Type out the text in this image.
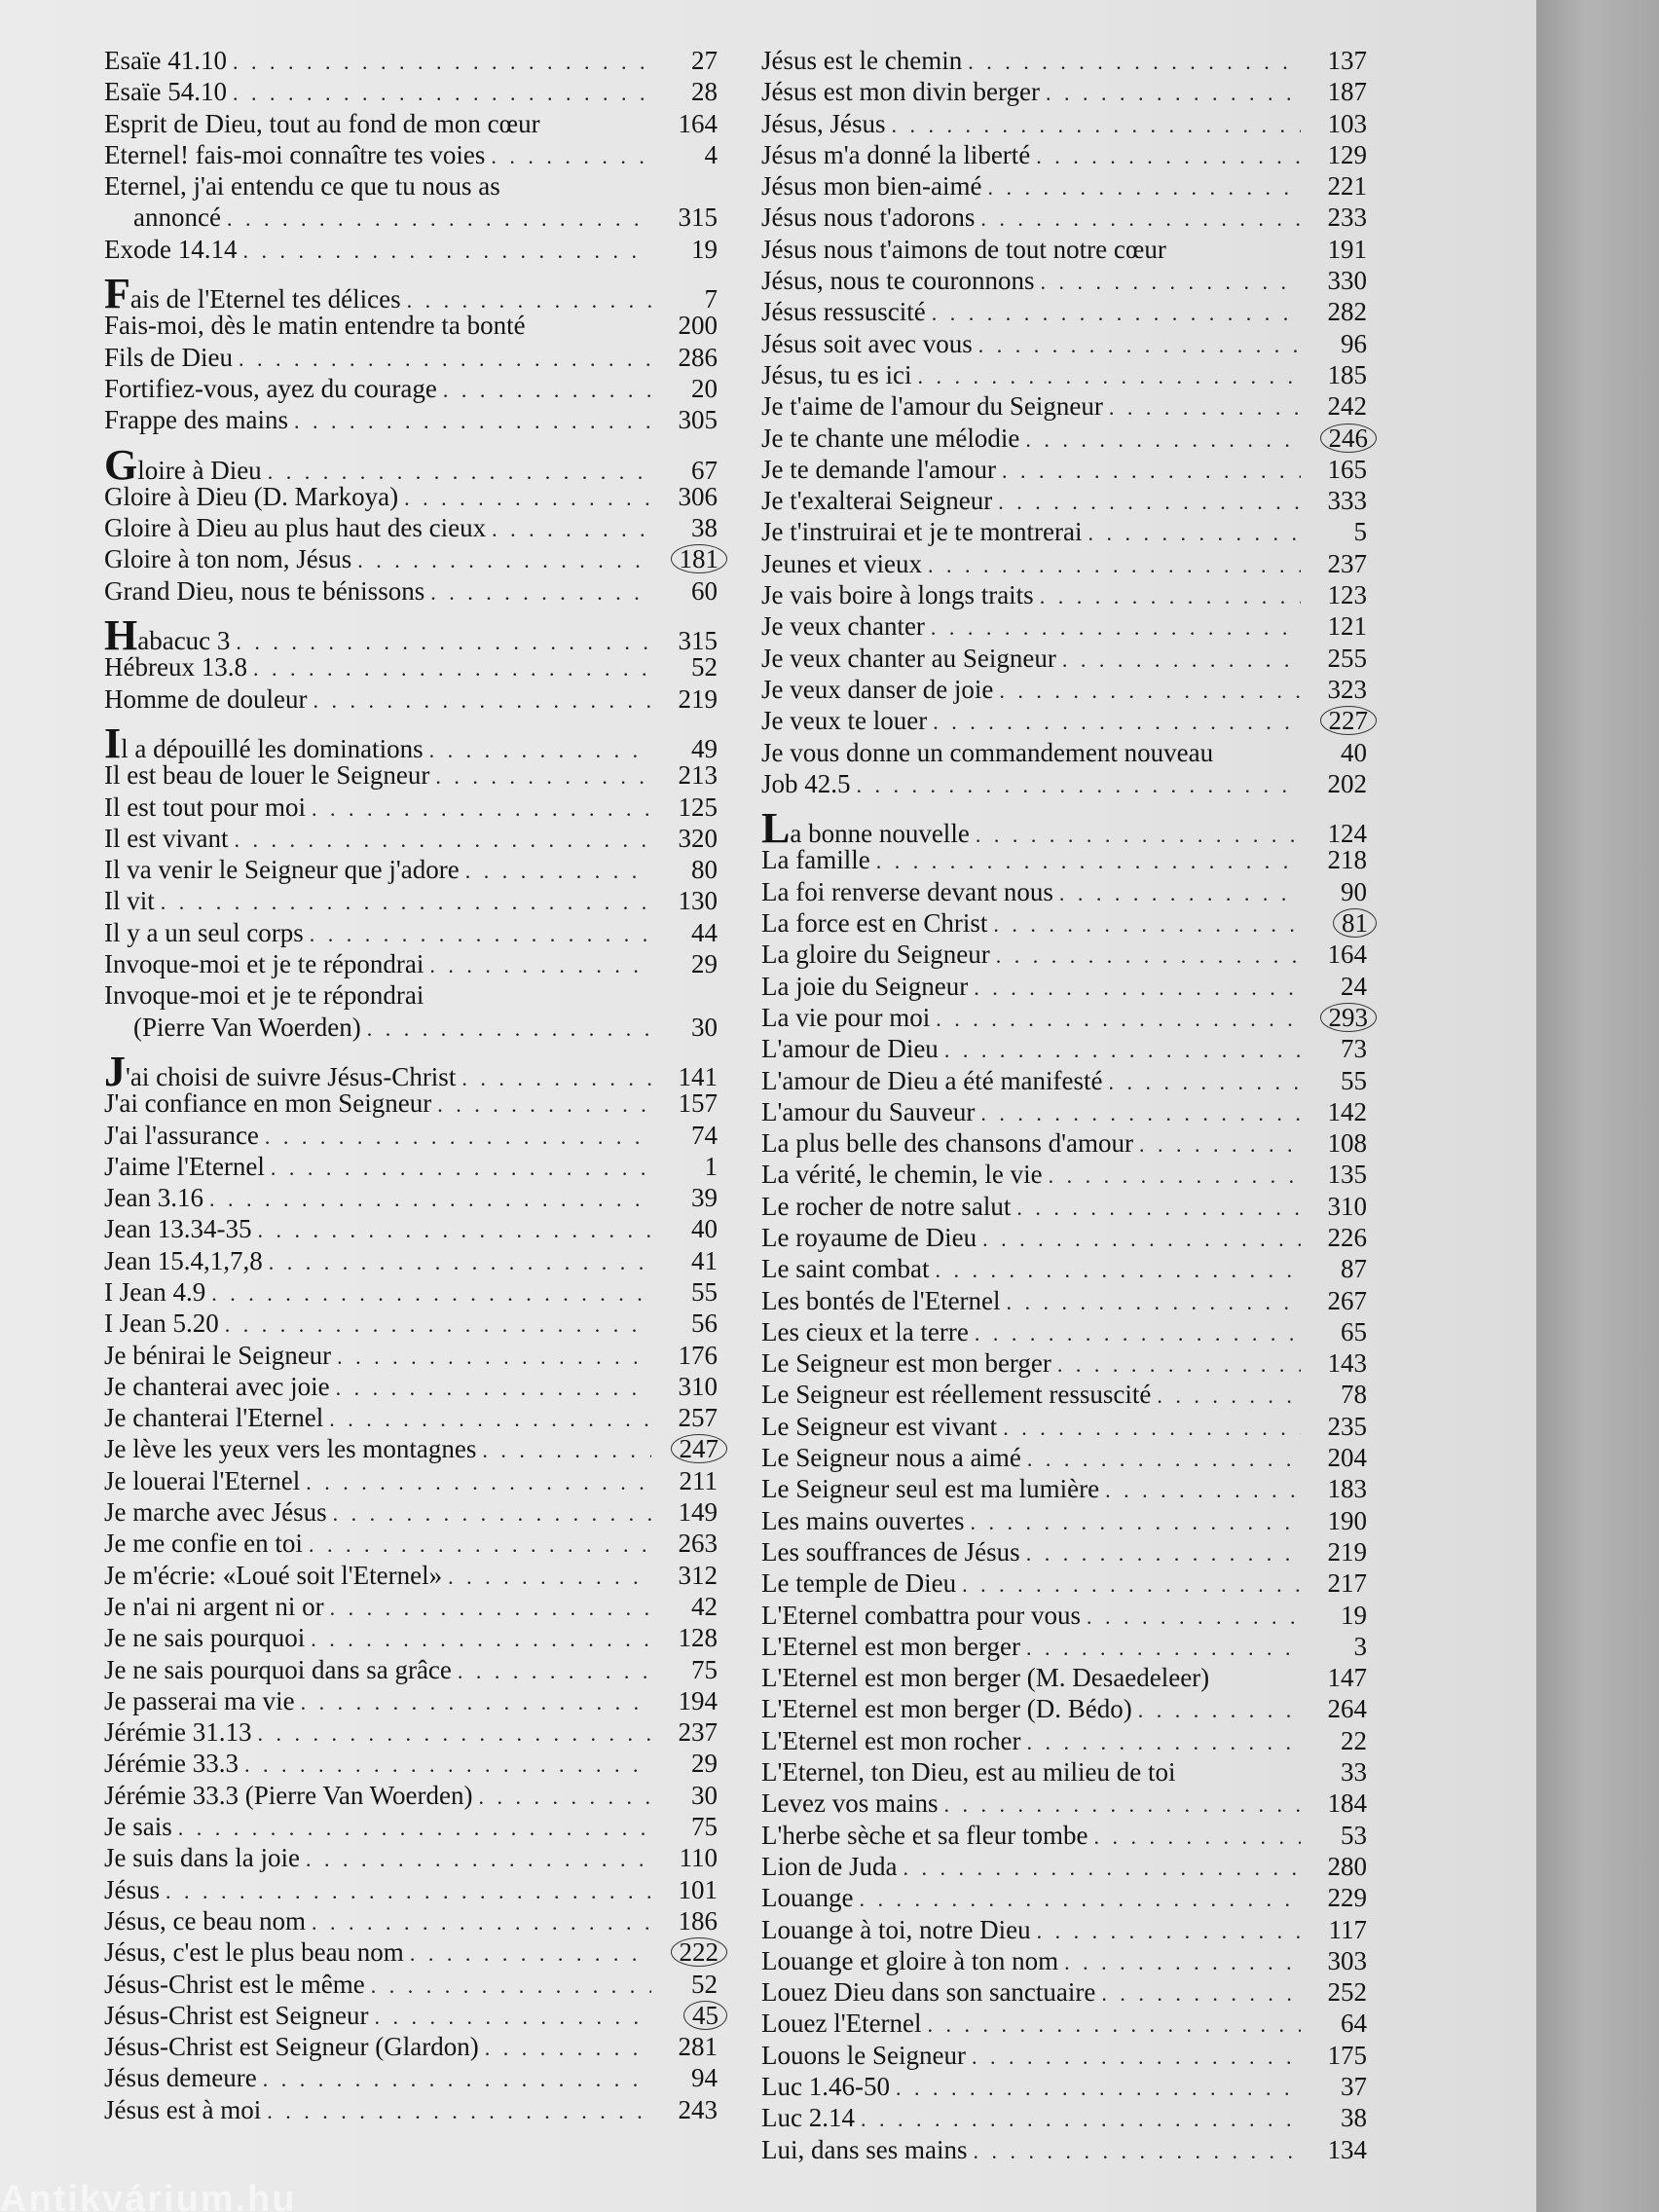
Esaïe 41.10 . . .	27
Esaïe 54.10 . . .	28
Esprit de Dieu, tout au fond de mon cœur	164
Eternel! fais-moi connaître tes voies . . .	4
Eternel, j'ai entendu ce que tu nous as
annoncé . . .	315
Exode 14.14 . . .	19
Fais de l'Eternel tes délices . . .	7
Fais-moi, dès le matin entendre ta bonté	200
Fils de Dieu . . .	286
Fortifiez-vous, ayez du courage . . .	20
Frappe des mains . . .	305
Gloire à Dieu . . .	67
Gloire à Dieu (D. Markoya) . . .	306
Gloire à Dieu au plus haut des cieux . . .	38
Gloire à ton nom, Jésus . . .	181
Grand Dieu, nous te bénissons . . .	60
Habacuc 3 . . .	315
Hébreux 13.8 . . .	52
Homme de douleur . . .	219
Il a dépouillé les dominations . . .	49
Il est beau de louer le Seigneur . . .	213
Il est tout pour moi . . .	125
Il est vivant . . .	320
Il va venir le Seigneur que j'adore . . .	80
Il vit . . .	130
Il y a un seul corps . . .	44
Invoque-moi et je te répondrai . . .	29
Invoque-moi et je te répondrai
(Pierre Van Woerden) . . .	30
J'ai choisi de suivre Jésus-Christ . . .	141
J'ai confiance en mon Seigneur . . .	157
J'ai l'assurance . . .	74
J'aime l'Eternel . . .	1
Jean 3.16 . . .	39
Jean 13.34-35 . . .	40
Jean 15.4,1,7,8 . . .	41
I Jean 4.9 . . .	55
I Jean 5.20 . . .	56
Je bénirai le Seigneur . . .	176
Je chanterai avec joie . . .	310
Je chanterai l'Eternel . . .	257
Je lève les yeux vers les montagnes . . .	247
Je louerai l'Eternel . . .	211
Je marche avec Jésus . . .	149
Je me confie en toi . . .	263
Je m'écrie: «Loué soit l'Eternel» . . .	312
Je n'ai ni argent ni or . . .	42
Je ne sais pourquoi . . .	128
Je ne sais pourquoi dans sa grâce . . .	75
Je passerai ma vie . . .	194
Jérémie 31.13 . . .	237
Jérémie 33.3 . . .	29
Jérémie 33.3 (Pierre Van Woerden) . . .	30
Je sais . . .	75
Je suis dans la joie . . .	110
Jésus . . .	101
Jésus, ce beau nom . . .	186
Jésus, c'est le plus beau nom . . .	222
Jésus-Christ est le même . . .	52
Jésus-Christ est Seigneur . . .	45
Jésus-Christ est Seigneur (Glardon) . . .	281
Jésus demeure . . .	94
Jésus est à moi . . .	243
Jésus est le chemin . . .	137
Jésus est mon divin berger . . .	187
Jésus, Jésus . . .	103
Jésus m'a donné la liberté . . .	129
Jésus mon bien-aimé . . .	221
Jésus nous t'adorons . . .	233
Jésus nous t'aimons de tout notre cœur	191
Jésus, nous te couronnons . . .	330
Jésus ressuscité . . .	282
Jésus soit avec vous . . .	96
Jésus, tu es ici . . .	185
Je t'aime de l'amour du Seigneur . . .	242
Je te chante une mélodie . . .	246
Je te demande l'amour . . .	165
Je t'exalterai Seigneur . . .	333
Je t'instruirai et je te montrerai . . .	5
Jeunes et vieux . . .	237
Je vais boire à longs traits . . .	123
Je veux chanter . . .	121
Je veux chanter au Seigneur . . .	255
Je veux danser de joie . . .	323
Je veux te louer . . .	227
Je vous donne un commandement nouveau	40
Job 42.5 . . .	202
La bonne nouvelle . . .	124
La famille . . .	218
La foi renverse devant nous . . .	90
La force est en Christ . . .	81
La gloire du Seigneur . . .	164
La joie du Seigneur . . .	24
La vie pour moi . . .	293
L'amour de Dieu . . .	73
L'amour de Dieu a été manifesté . . .	55
L'amour du Sauveur . . .	142
La plus belle des chansons d'amour . . .	108
La vérité, le chemin, le vie . . .	135
Le rocher de notre salut . . .	310
Le royaume de Dieu . . .	226
Le saint combat . . .	87
Les bontés de l'Eternel . . .	267
Les cieux et la terre . . .	65
Le Seigneur est mon berger . . .	143
Le Seigneur est réellement ressuscité . . .	78
Le Seigneur est vivant . . .	235
Le Seigneur nous a aimé . . .	204
Le Seigneur seul est ma lumière . . .	183
Les mains ouvertes . . .	190
Les souffrances de Jésus . . .	219
Le temple de Dieu . . .	217
L'Eternel combattra pour vous . . .	19
L'Eternel est mon berger . . .	3
L'Eternel est mon berger (M. Desaedeleer)	147
L'Eternel est mon berger (D. Bédo) . . .	264
L'Eternel est mon rocher . . .	22
L'Eternel, ton Dieu, est au milieu de toi	33
Levez vos mains . . .	184
L'herbe sèche et sa fleur tombe . . .	53
Lion de Juda . . .	280
Louange . . .	229
Louange à toi, notre Dieu . . .	117
Louange et gloire à ton nom . . .	303
Louez Dieu dans son sanctuaire . . .	252
Louez l'Eternel . . .	64
Louons le Seigneur . . .	175
Luc 1.46-50 . . .	37
Luc 2.14 . . .	38
Lui, dans ses mains . . .	134
Antikvárium.hu
